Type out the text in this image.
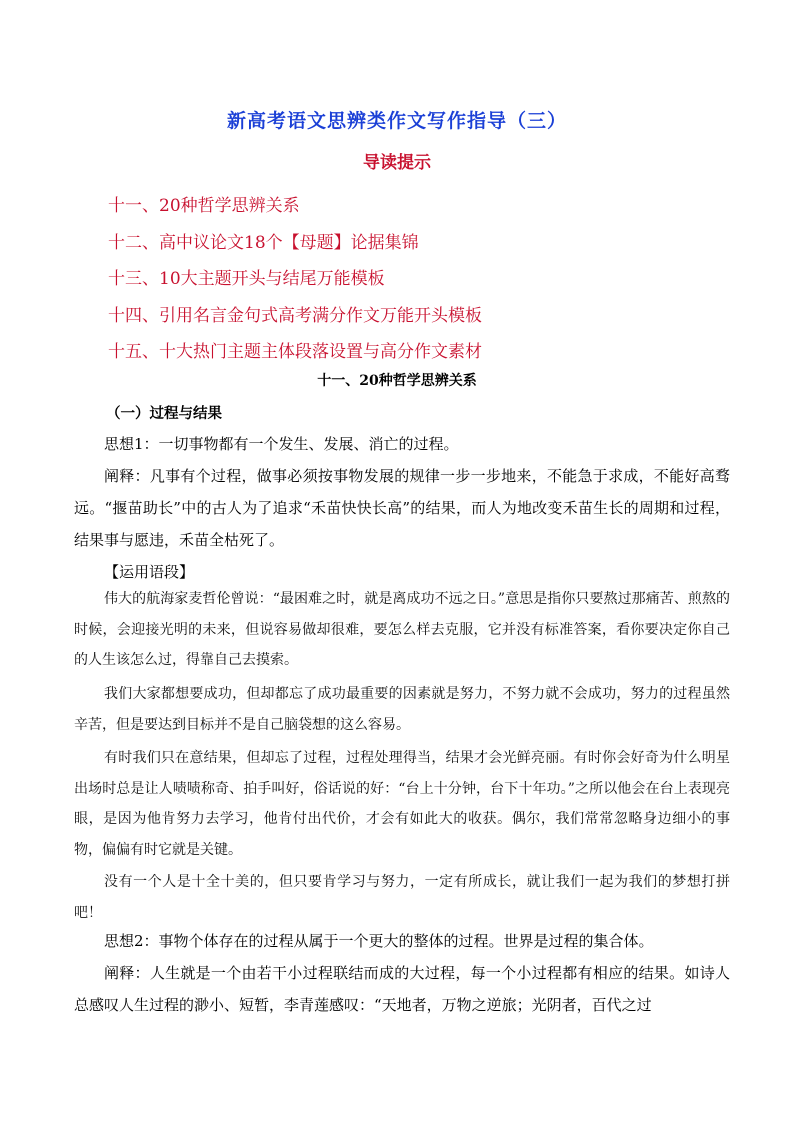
新高考语文思辨类作文写作指导（三）
导读提示
十一、20种哲学思辨关系
十二、高中议论文18个【母题】论据集锦
十三、10大主题开头与结尾万能模板
十四、引用名言金句式高考满分作文万能开头模板
十五、十大热门主题主体段落设置与高分作文素材
十一、20种哲学思辨关系
（一）过程与结果

思想1：一切事物都有一个发生、发展、消亡的过程。

阐释：凡事有个过程，做事必须按事物发展的规律一步一步地来，不能急于求成，不能好高骛远。“揠苗助长”中的古人为了追求“禾苗快快长高”的结果，而人为地改变禾苗生长的周期和过程，结果事与愿违，禾苗全枯死了。

【运用语段】

伟大的航海家麦哲伦曾说：“最困难之时，就是离成功不远之日。”意思是指你只要熬过那痛苦、煎熬的时候，会迎接光明的未来，但说容易做却很难，要怎么样去克服，它并没有标准答案，看你要决定你自己的人生该怎么过，得靠自己去摸索。

我们大家都想要成功，但却都忘了成功最重要的因素就是努力，不努力就不会成功，努力的过程虽然辛苦，但是要达到目标并不是自己脑袋想的这么容易。

有时我们只在意结果，但却忘了过程，过程处理得当，结果才会光鲜亮丽。有时你会好奇为什么明星出场时总是让人啧啧称奇、拍手叫好，俗话说的好：“台上十分钟，台下十年功。”之所以他会在台上表现亮眼，是因为他肯努力去学习，他肯付出代价，才会有如此大的收获。偶尔，我们常常忽略身边细小的事物，偏偏有时它就是关键。

没有一个人是十全十美的，但只要肯学习与努力，一定有所成长，就让我们一起为我们的梦想打拼吧！

思想2：事物个体存在的过程从属于一个更大的整体的过程。世界是过程的集合体。

阐释：人生就是一个由若干小过程联结而成的大过程，每一个小过程都有相应的结果。如诗人总感叹人生过程的渺小、短暂，李青莲感叹：“天地者，万物之逆旅；光阴者，百代之过
